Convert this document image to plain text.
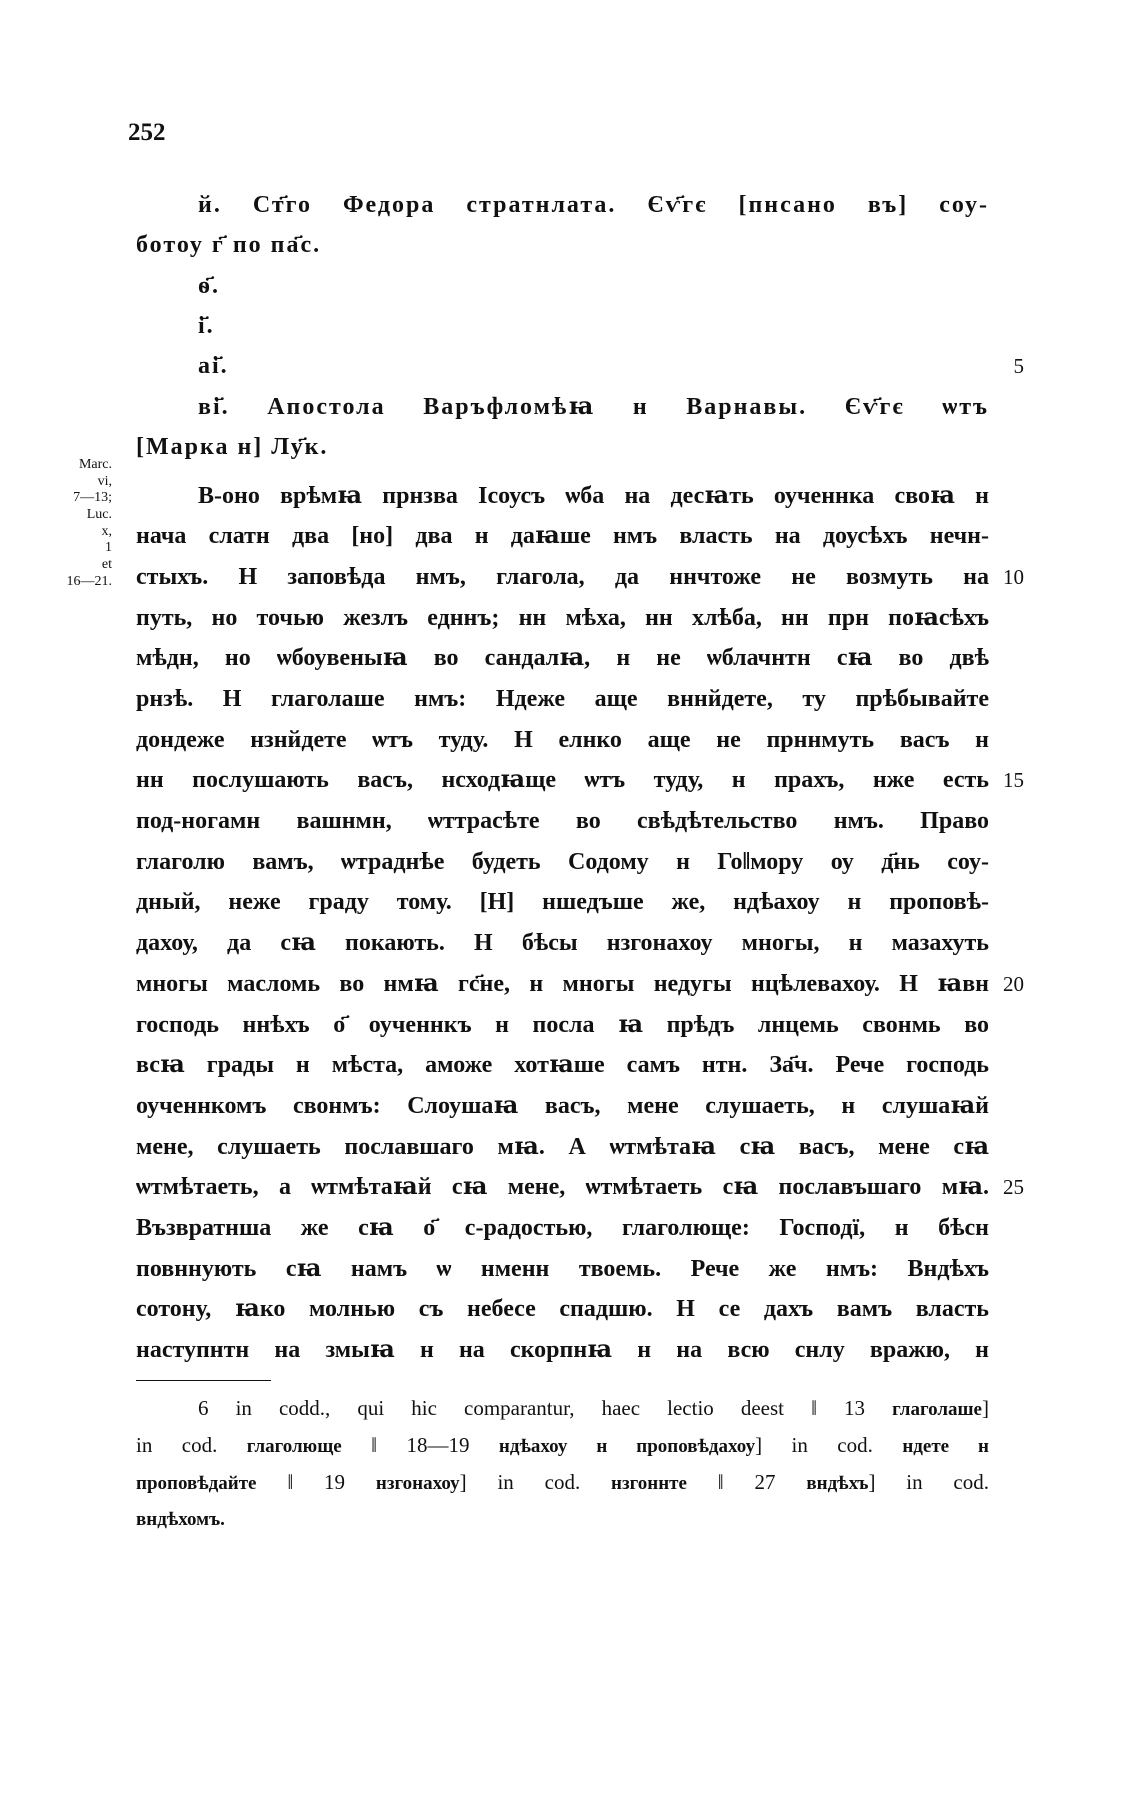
252
й. Ст҃го Федора стратнлата. Єѵ҃гє [пнсано въ] соу-
ботоу г҃ по па҃с.
ѳ҃.
і҃.
аі҃.	5
ві҃. Апостола Варъфломѣꙗ н Варнавы. Єѵ҃гє ѡтъ
[Марка н] Лу҃к.
Marc.
vi,
7—13;
Luc.
x,
1
et
16—21.
В-оно врѣмꙗ прнзва Ісоусъ ѡба на десꙗть оученнка своꙗ н
нача слатн два [но] два н даꙗше нмъ власть на доусѣхъ нечн-
стыхъ. Н заповѣда нмъ, глагола, да ннчтоже не возмуть на 10
путь, но точью жезлъ едннъ; нн мѣха, нн хлѣба, нн прн поꙗсѣхъ
мѣдн, но ѡбоувеныꙗ во сандалꙗ, н не ѡблачнтн сꙗ во двѣ
рнзѣ. Н глаголаше нмъ: Ндеже аще вннйдете, ту прѣбывайте
дондеже нзнйдете ѡтъ туду. Н елнко аще не прннмуть васъ н
нн послушають васъ, нсходꙗще ѡтъ туду, н прахъ, нже есть 15
под-ногамн вашнмн, ѡттрасѣте во свѣдѣтельство нмъ. Право
глаголю вамъ, ѡтраднѣе будеть Содому н Го‖мору оу д҃нь соу-
дный, неже граду тому. [Н] ншедъше же, ндѣахоу н проповѣ-
дахоу, да сꙗ покають. Н бѣсы нзгонахоу многы, н мазахуть
многы масломь во нмꙗ гс҃не, н многы недугы нцѣлевахоу. Н ꙗвн 20
господь ннѣхъ о҃ оученнкъ н посла ꙗ прѣдъ лнцемь свонмь во
всꙗ грады н мѣста, аможе хотꙗше самъ нтн. За҃ч. Рече господь
оученнкомъ свонмъ: Слоушаꙗ васъ, мене слушаеть, н слушаꙗй
мене, слушаеть пославшаго мꙗ. А ѡтмѣтаꙗ сꙗ васъ, мене сꙗ
ѡтмѣтаеть, а ѡтмѣтаꙗй сꙗ мене, ѡтмѣтаеть сꙗ пославъшаго мꙗ. 25
Възвратнша же сꙗ о҃ с-радостью, глаголюще: Господї, н бѣсн
повннують сꙗ намъ ѡ нменн твоемь. Рече же нмъ: Вндѣхъ
сотону, ꙗко молнью съ небесе спадшю. Н се дахъ вамъ власть
наступнтн на змыꙗ н на скорпнꙗ н на всю снлу вражю, н
6 in codd., qui hic comparantur, haec lectio deest ‖ 13 глаголаше]
in cod. глаголюще ‖ 18—19 ндѣахоу н проповѣдахоу] in cod. ндете н
проповѣдайте ‖ 19 нзгонахоу] in cod. нзгоннте ‖ 27 вндѣхъ] in cod.
вндѣхомъ.
